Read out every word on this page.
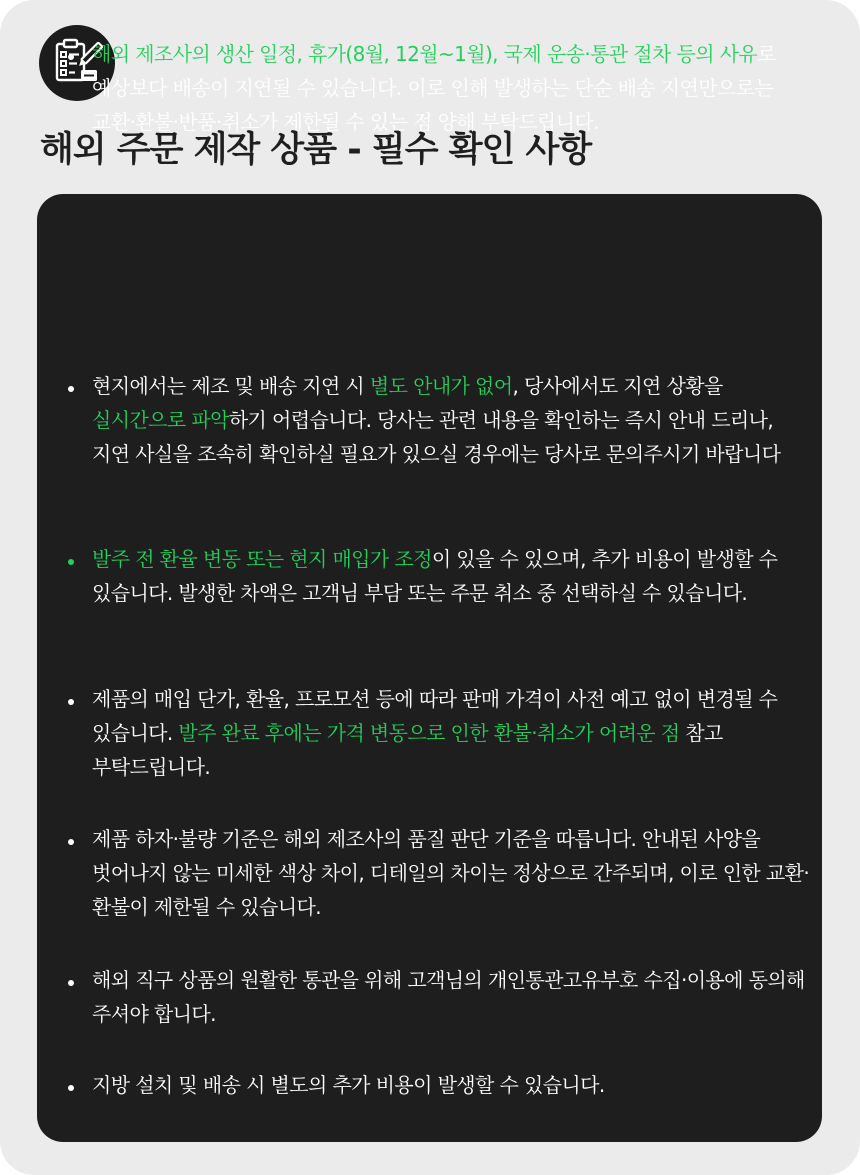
해외 주문 제작 상품 - 필수 확인 사항

해외 제조사의 생산 일정, 휴가(8월, 12월~1월), 국제 운송·통관 절차 등의 사유로 예상보다 배송이 지연될 수 있습니다. 이로 인해 발생하는 단순 배송 지연만으로는 교환·환불·반품·취소가 제한될 수 있는 점 양해 부탁드립니다.

현지에서는 제조 및 배송 지연 시 별도 안내가 없어, 당사에서도 지연 상황을 실시간으로 파악하기 어렵습니다. 당사는 관련 내용을 확인하는 즉시 안내 드리나, 지연 사실을 조속히 확인하실 필요가 있으실 경우에는 당사로 문의주시기 바랍니다

발주 전 환율 변동 또는 현지 매입가 조정이 있을 수 있으며, 추가 비용이 발생할 수 있습니다. 발생한 차액은 고객님 부담 또는 주문 취소 중 선택하실 수 있습니다.

제품의 매입 단가, 환율, 프로모션 등에 따라 판매 가격이 사전 예고 없이 변경될 수 있습니다. 발주 완료 후에는 가격 변동으로 인한 환불·취소가 어려운 점 참고 부탁드립니다.

제품 하자·불량 기준은 해외 제조사의 품질 판단 기준을 따릅니다. 안내된 사양을 벗어나지 않는 미세한 색상 차이, 디테일의 차이는 정상으로 간주되며, 이로 인한 교환·환불이 제한될 수 있습니다.

해외 직구 상품의 원활한 통관을 위해 고객님의 개인통관고유부호 수집·이용에 동의해 주셔야 합니다.

지방 설치 및 배송 시 별도의 추가 비용이 발생할 수 있습니다.
